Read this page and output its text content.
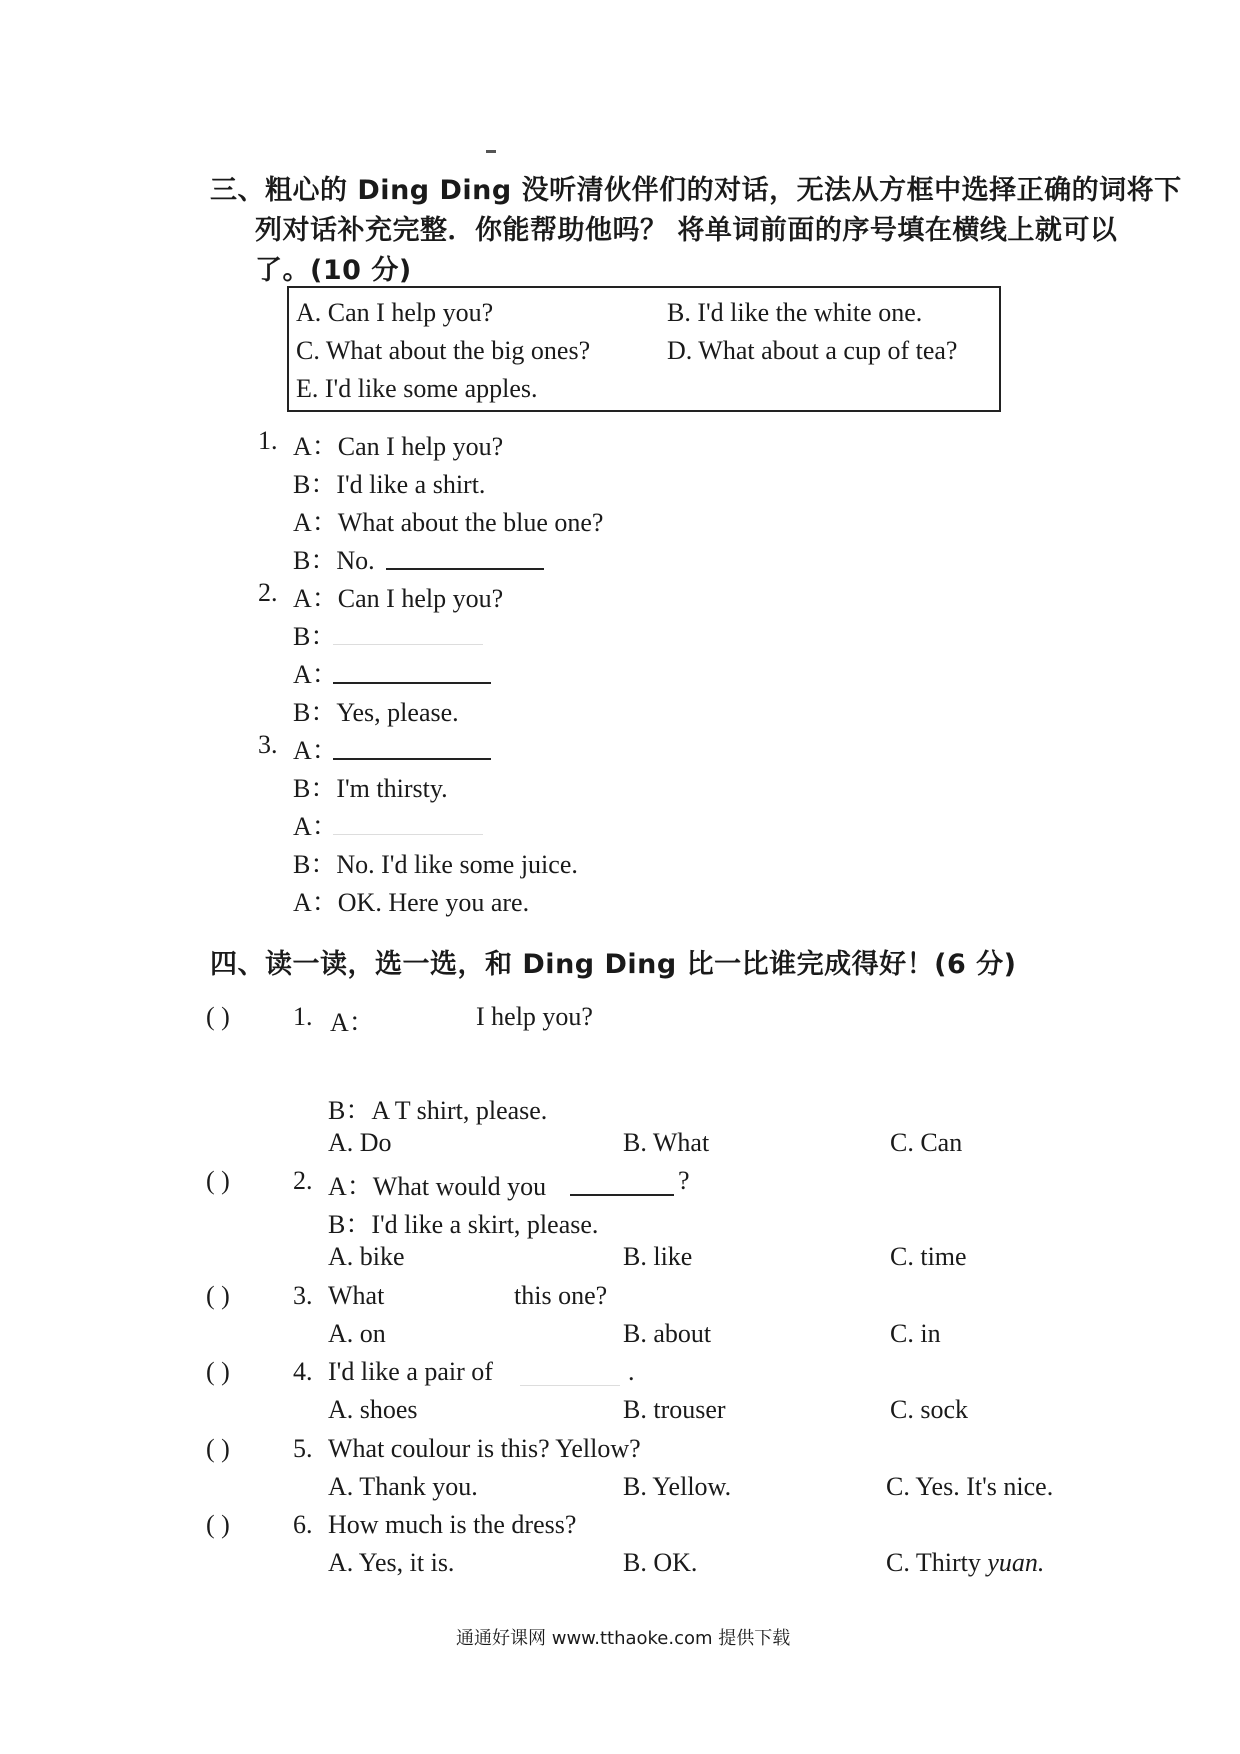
三、粗心的 Ding Ding 没听清伙伴们的对话，无法从方框中选择正确的词将下
列对话补充完整．你能帮助他吗？ 将单词前面的序号填在横线上就可以
了。(10 分)
A. Can I help you?	B. I'd like the white one.
C. What about the big ones?	D. What about a cup of tea?
E. I'd like some apples.
1. A：Can I help you?
B：I'd like a shirt.
A：What about the blue one?
B：No.
2. A：Can I help you?
B：
A：
B：Yes, please.
3. A：
B：I'm thirsty.
A：
B：No. I'd like some juice.
A：OK. Here you are.
四、读一读，选一选，和 Ding Ding 比一比谁完成得好！(6 分)
( ) 1. A：	I help you?
B：A T shirt, please.
A. Do	B. What	C. Can
( ) 2. A：What would you	?
B：I'd like a skirt, please.
A. bike	B. like	C. time
( ) 3. What	this one?
A. on	B. about	C. in
( ) 4. I'd like a pair of	.
A. shoes	B. trouser	C. sock
( ) 5. What coulour is this? Yellow?
A. Thank you.	B. Yellow.	C. Yes. It's nice.
( ) 6. How much is the dress?
A. Yes, it is.	B. OK.	C. Thirty yuan.
通通好课网 www.tthaoke.com 提供下载
